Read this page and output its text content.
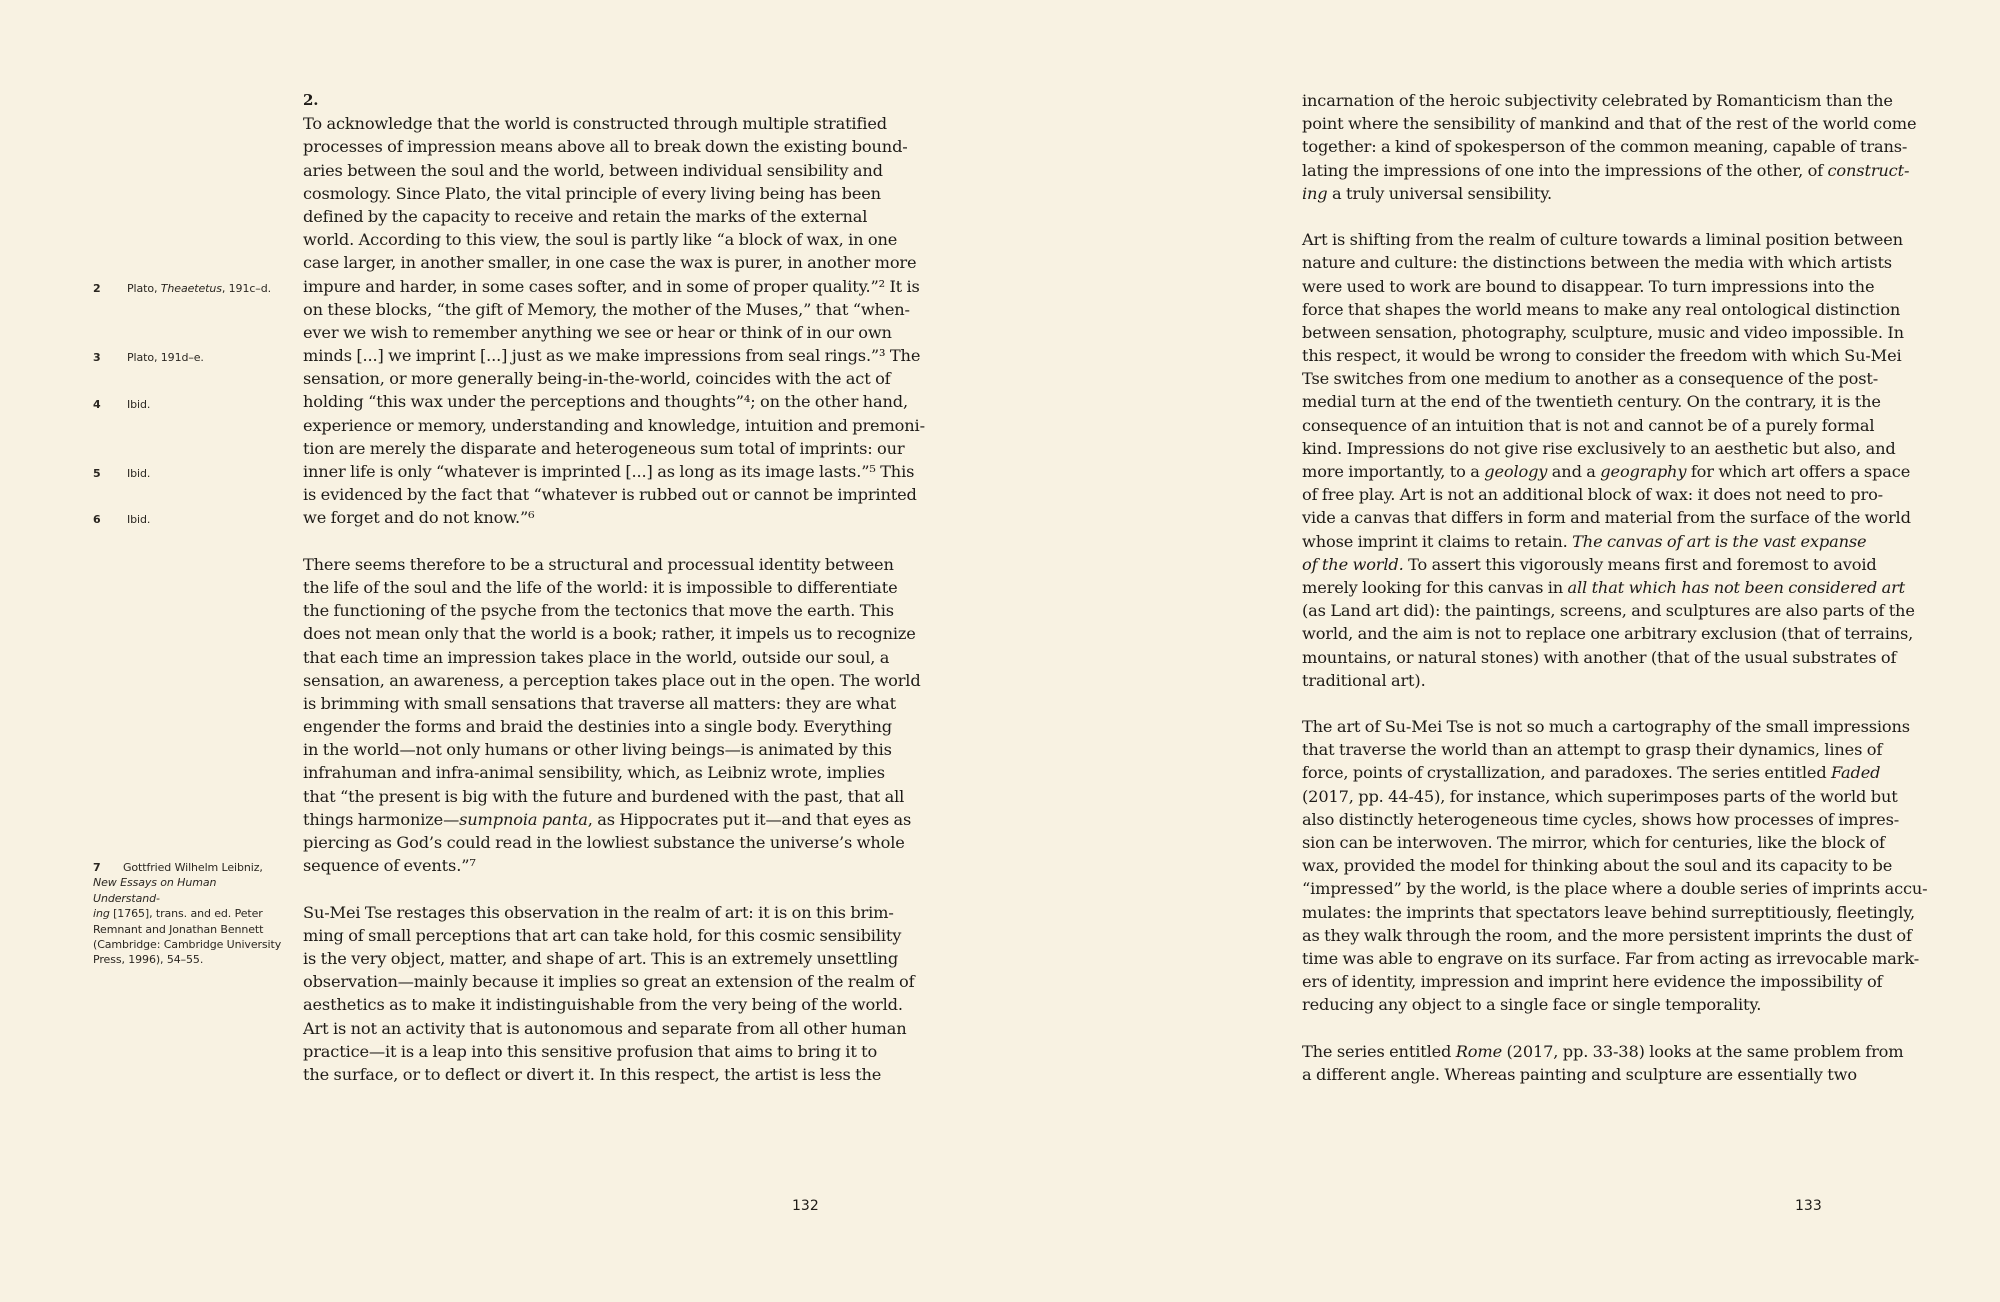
2.
To acknowledge that the world is constructed through multiple stratified
processes of impression means above all to break down the existing bound-
aries between the soul and the world, between individual sensibility and
cosmology. Since Plato, the vital principle of every living being has been
defined by the capacity to receive and retain the marks of the external
world. According to this view, the soul is partly like “a block of wax, in one
case larger, in another smaller, in one case the wax is purer, in another more
impure and harder, in some cases softer, and in some of proper quality.”² It is
on these blocks, “the gift of Memory, the mother of the Muses,” that “when-
ever we wish to remember anything we see or hear or think of in our own
minds [...] we imprint [...] just as we make impressions from seal rings.”³ The
sensation, or more generally being-in-the-world, coincides with the act of
holding “this wax under the perceptions and thoughts”⁴; on the other hand,
experience or memory, understanding and knowledge, intuition and premoni-
tion are merely the disparate and heterogeneous sum total of imprints: our
inner life is only “whatever is imprinted [...] as long as its image lasts.”⁵ This
is evidenced by the fact that “whatever is rubbed out or cannot be imprinted
we forget and do not know.”⁶
There seems therefore to be a structural and processual identity between
the life of the soul and the life of the world: it is impossible to differentiate
the functioning of the psyche from the tectonics that move the earth. This
does not mean only that the world is a book; rather, it impels us to recognize
that each time an impression takes place in the world, outside our soul, a
sensation, an awareness, a perception takes place out in the open. The world
is brimming with small sensations that traverse all matters: they are what
engender the forms and braid the destinies into a single body. Everything
in the world—not only humans or other living beings—is animated by this
infrahuman and infra-animal sensibility, which, as Leibniz wrote, implies
that “the present is big with the future and burdened with the past, that all
things harmonize—sumpnoia panta, as Hippocrates put it—and that eyes as
piercing as God’s could read in the lowliest substance the universe’s whole
sequence of events.”⁷
Su-Mei Tse restages this observation in the realm of art: it is on this brim-
ming of small perceptions that art can take hold, for this cosmic sensibility
is the very object, matter, and shape of art. This is an extremely unsettling
observation—mainly because it implies so great an extension of the realm of
aesthetics as to make it indistinguishable from the very being of the world.
Art is not an activity that is autonomous and separate from all other human
practice—it is a leap into this sensitive profusion that aims to bring it to
the surface, or to deflect or divert it. In this respect, the artist is less the
2 Plato, Theaetetus, 191c–d.
3 Plato, 191d–e.
4 Ibid.
5 Ibid.
6 Ibid.
7 Gottfried Wilhelm Leibniz,
New Essays on Human Understand-
ing [1765], trans. and ed. Peter
Remnant and Jonathan Bennett
(Cambridge: Cambridge University
Press, 1996), 54–55.
132
incarnation of the heroic subjectivity celebrated by Romanticism than the
point where the sensibility of mankind and that of the rest of the world come
together: a kind of spokesperson of the common meaning, capable of trans-
lating the impressions of one into the impressions of the other, of construct-
ing a truly universal sensibility.
Art is shifting from the realm of culture towards a liminal position between
nature and culture: the distinctions between the media with which artists
were used to work are bound to disappear. To turn impressions into the
force that shapes the world means to make any real ontological distinction
between sensation, photography, sculpture, music and video impossible. In
this respect, it would be wrong to consider the freedom with which Su-Mei
Tse switches from one medium to another as a consequence of the post-
medial turn at the end of the twentieth century. On the contrary, it is the
consequence of an intuition that is not and cannot be of a purely formal
kind. Impressions do not give rise exclusively to an aesthetic but also, and
more importantly, to a geology and a geography for which art offers a space
of free play. Art is not an additional block of wax: it does not need to pro-
vide a canvas that differs in form and material from the surface of the world
whose imprint it claims to retain. The canvas of art is the vast expanse
of the world. To assert this vigorously means first and foremost to avoid
merely looking for this canvas in all that which has not been considered art
(as Land art did): the paintings, screens, and sculptures are also parts of the
world, and the aim is not to replace one arbitrary exclusion (that of terrains,
mountains, or natural stones) with another (that of the usual substrates of
traditional art).
The art of Su-Mei Tse is not so much a cartography of the small impressions
that traverse the world than an attempt to grasp their dynamics, lines of
force, points of crystallization, and paradoxes. The series entitled Faded
(2017, pp. 44-45), for instance, which superimposes parts of the world but
also distinctly heterogeneous time cycles, shows how processes of impres-
sion can be interwoven. The mirror, which for centuries, like the block of
wax, provided the model for thinking about the soul and its capacity to be
“impressed” by the world, is the place where a double series of imprints accu-
mulates: the imprints that spectators leave behind surreptitiously, fleetingly,
as they walk through the room, and the more persistent imprints the dust of
time was able to engrave on its surface. Far from acting as irrevocable mark-
ers of identity, impression and imprint here evidence the impossibility of
reducing any object to a single face or single temporality.
The series entitled Rome (2017, pp. 33-38) looks at the same problem from
a different angle. Whereas painting and sculpture are essentially two
133
